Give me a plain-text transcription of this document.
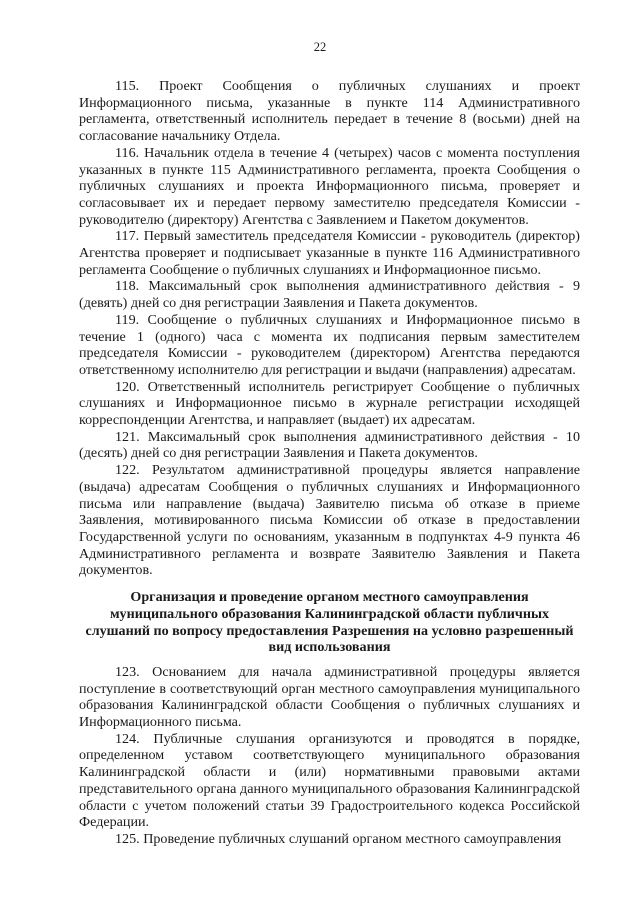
22

115. Проект Сообщения о публичных слушаниях и проект Информационного письма, указанные в пункте 114 Административного регламента, ответственный исполнитель передает в течение 8 (восьми) дней на согласование начальнику Отдела.

116. Начальник отдела в течение 4 (четырех) часов с момента поступления указанных в пункте 115 Административного регламента, проекта Сообщения о публичных слушаниях и проекта Информационного письма, проверяет и согласовывает их и передает первому заместителю председателя Комиссии - руководителю (директору) Агентства с Заявлением и Пакетом документов.

117. Первый заместитель председателя Комиссии - руководитель (директор) Агентства проверяет и подписывает указанные в пункте 116 Административного регламента Сообщение о публичных слушаниях и Информационное письмо.

118. Максимальный срок выполнения административного действия - 9 (девять) дней со дня регистрации Заявления и Пакета документов.

119. Сообщение о публичных слушаниях и Информационное письмо в течение 1 (одного) часа с момента их подписания первым заместителем председателя Комиссии - руководителем (директором) Агентства передаются ответственному исполнителю для регистрации и выдачи (направления) адресатам.

120. Ответственный исполнитель регистрирует Сообщение о публичных слушаниях и Информационное письмо в журнале регистрации исходящей корреспонденции Агентства, и направляет (выдает) их адресатам.

121. Максимальный срок выполнения административного действия - 10 (десять) дней со дня регистрации Заявления и Пакета документов.

122. Результатом административной процедуры является направление (выдача) адресатам Сообщения о публичных слушаниях и Информационного письма или направление (выдача) Заявителю письма об отказе в приеме Заявления, мотивированного письма Комиссии об отказе в предоставлении Государственной услуги по основаниям, указанным в подпунктах 4-9 пункта 46 Административного регламента и возврате Заявителю Заявления и Пакета документов.

Организация и проведение органом местного самоуправления муниципального образования Калининградской области публичных слушаний по вопросу предоставления Разрешения на условно разрешенный вид использования

123. Основанием для начала административной процедуры является поступление в соответствующий орган местного самоуправления муниципального образования Калининградской области Сообщения о публичных слушаниях и Информационного письма.

124. Публичные слушания организуются и проводятся в порядке, определенном уставом соответствующего муниципального образования Калининградской области и (или) нормативными правовыми актами представительного органа данного муниципального образования Калининградской области с учетом положений статьи 39 Градостроительного кодекса Российской Федерации.

125. Проведение публичных слушаний органом местного самоуправления
